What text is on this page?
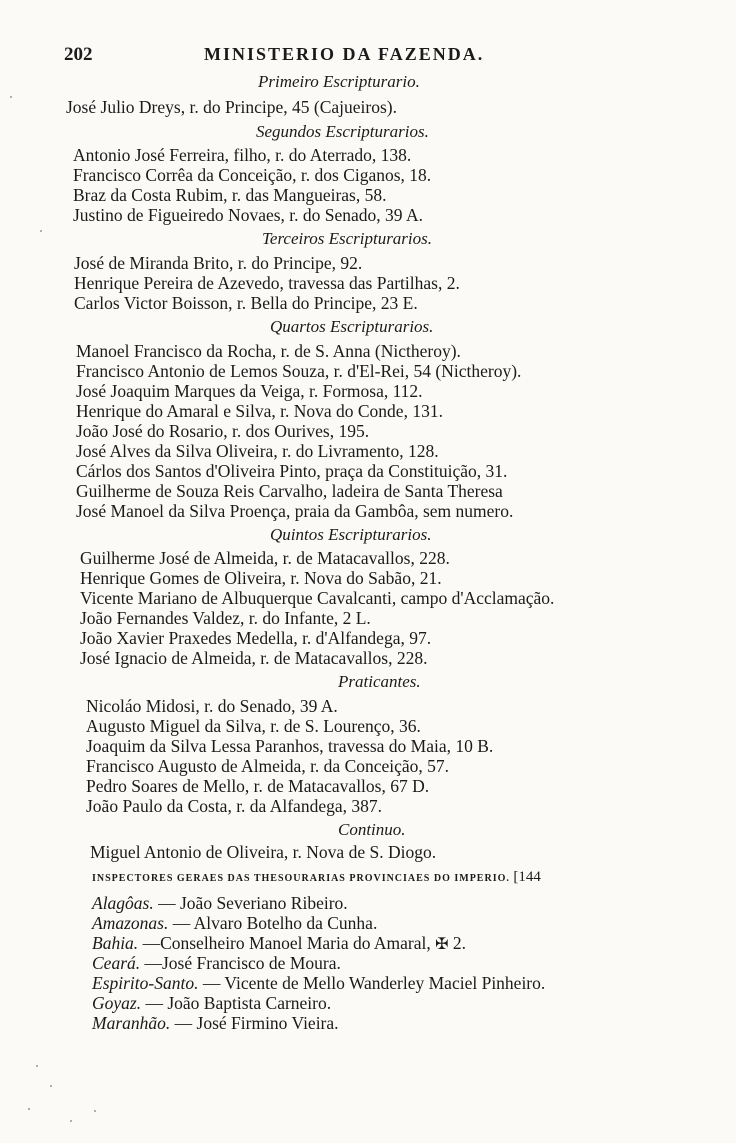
202	MINISTERIO DA FAZENDA.
Primeiro Escripturario.
José Julio Dreys, r. do Principe, 45 (Cajueiros).
Segundos Escripturarios.
Antonio José Ferreira, filho, r. do Aterrado, 138.
Francisco Corrêa da Conceição, r. dos Ciganos, 18.
Braz da Costa Rubim, r. das Mangueiras, 58.
Justino de Figueiredo Novaes, r. do Senado, 39 A.
Terceiros Escripturarios.
José de Miranda Brito, r. do Principe, 92.
Henrique Pereira de Azevedo, travessa das Partilhas, 2.
Carlos Victor Boisson, r. Bella do Principe, 23 E.
Quartos Escripturarios.
Manoel Francisco da Rocha, r. de S. Anna (Nictheroy).
Francisco Antonio de Lemos Souza, r. d'El-Rei, 54 (Nictheroy).
José Joaquim Marques da Veiga, r. Formosa, 112.
Henrique do Amaral e Silva, r. Nova do Conde, 131.
João José do Rosario, r. dos Ourives, 195.
José Alves da Silva Oliveira, r. do Livramento, 128.
Cárlos dos Santos d'Oliveira Pinto, praça da Constituição, 31.
Guilherme de Souza Reis Carvalho, ladeira de Santa Theresa
José Manoel da Silva Proença, praia da Gambôa, sem numero.
Quintos Escripturarios.
Guilherme José de Almeida, r. de Matacavallos, 228.
Henrique Gomes de Oliveira, r. Nova do Sabão, 21.
Vicente Mariano de Albuquerque Cavalcanti, campo d'Acclamação.
João Fernandes Valdez, r. do Infante, 2 L.
João Xavier Praxedes Medella, r. d'Alfandega, 97.
José Ignacio de Almeida, r. de Matacavallos, 228.
Praticantes.
Nicoláo Midosi, r. do Senado, 39 A.
Augusto Miguel da Silva, r. de S. Lourenço, 36.
Joaquim da Silva Lessa Paranhos, travessa do Maia, 10 B.
Francisco Augusto de Almeida, r. da Conceição, 57.
Pedro Soares de Mello, r. de Matacavallos, 67 D.
João Paulo da Costa, r. da Alfandega, 387.
Continuo.
Miguel Antonio de Oliveira, r. Nova de S. Diogo.
INSPECTORES GERAES DAS THESOURARIAS PROVINCIAES DO IMPERIO. [144
Alagôas. — João Severiano Ribeiro.
Amazonas. — Alvaro Botelho da Cunha.
Bahia. —Conselheiro Manoel Maria do Amaral, ✠ 2.
Ceará. —José Francisco de Moura.
Espirito-Santo. — Vicente de Mello Wanderley Maciel Pinheiro.
Goyaz. — João Baptista Carneiro.
Maranhão. — José Firmino Vieira.
